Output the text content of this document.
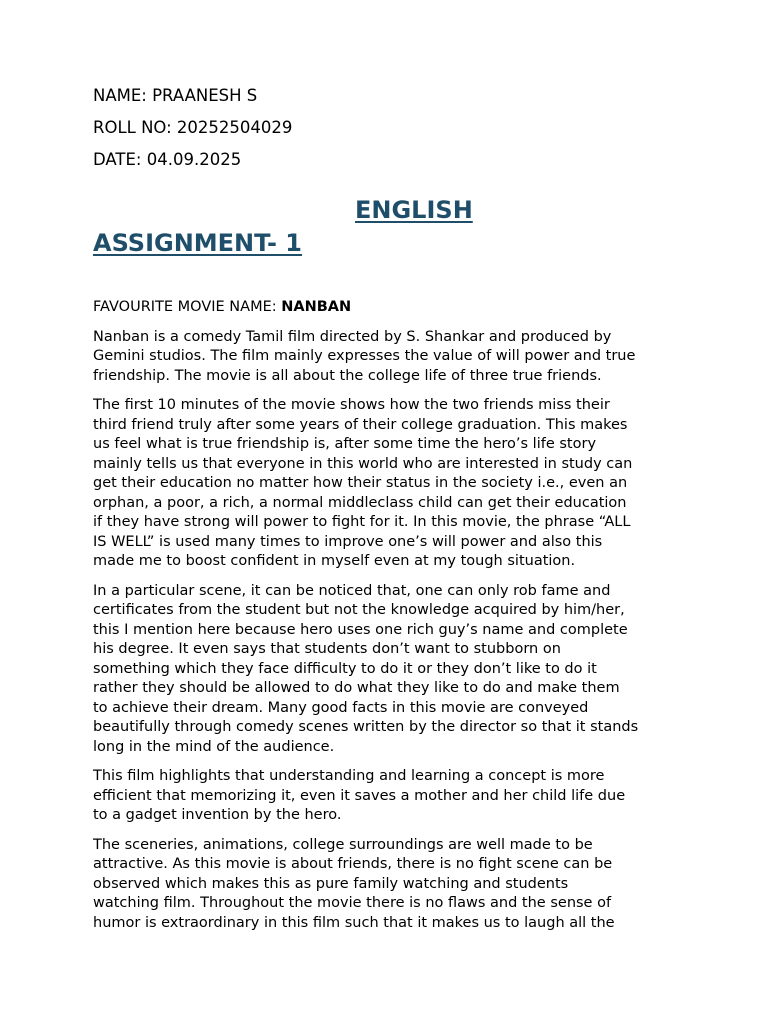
NAME: PRAANESH S
ROLL NO: 20252504029
DATE: 04.09.2025
ENGLISH
ASSIGNMENT- 1
FAVOURITE MOVIE NAME: NANBAN

Nanban is a comedy Tamil film directed by S. Shankar and produced by
Gemini studios. The film mainly expresses the value of will power and true
friendship. The movie is all about the college life of three true friends.

The first 10 minutes of the movie shows how the two friends miss their
third friend truly after some years of their college graduation. This makes
us feel what is true friendship is, after some time the hero’s life story
mainly tells us that everyone in this world who are interested in study can
get their education no matter how their status in the society i.e., even an
orphan, a poor, a rich, a normal middleclass child can get their education
if they have strong will power to fight for it. In this movie, the phrase “ALL
IS WELL” is used many times to improve one’s will power and also this
made me to boost confident in myself even at my tough situation.

In a particular scene, it can be noticed that, one can only rob fame and
certificates from the student but not the knowledge acquired by him/her,
this I mention here because hero uses one rich guy’s name and complete
his degree. It even says that students don’t want to stubborn on
something which they face difficulty to do it or they don’t like to do it
rather they should be allowed to do what they like to do and make them
to achieve their dream. Many good facts in this movie are conveyed
beautifully through comedy scenes written by the director so that it stands
long in the mind of the audience.

This film highlights that understanding and learning a concept is more
efficient that memorizing it, even it saves a mother and her child life due
to a gadget invention by the hero.

The sceneries, animations, college surroundings are well made to be
attractive. As this movie is about friends, there is no fight scene can be
observed which makes this as pure family watching and students
watching film. Throughout the movie there is no flaws and the sense of
humor is extraordinary in this film such that it makes us to laugh all the
